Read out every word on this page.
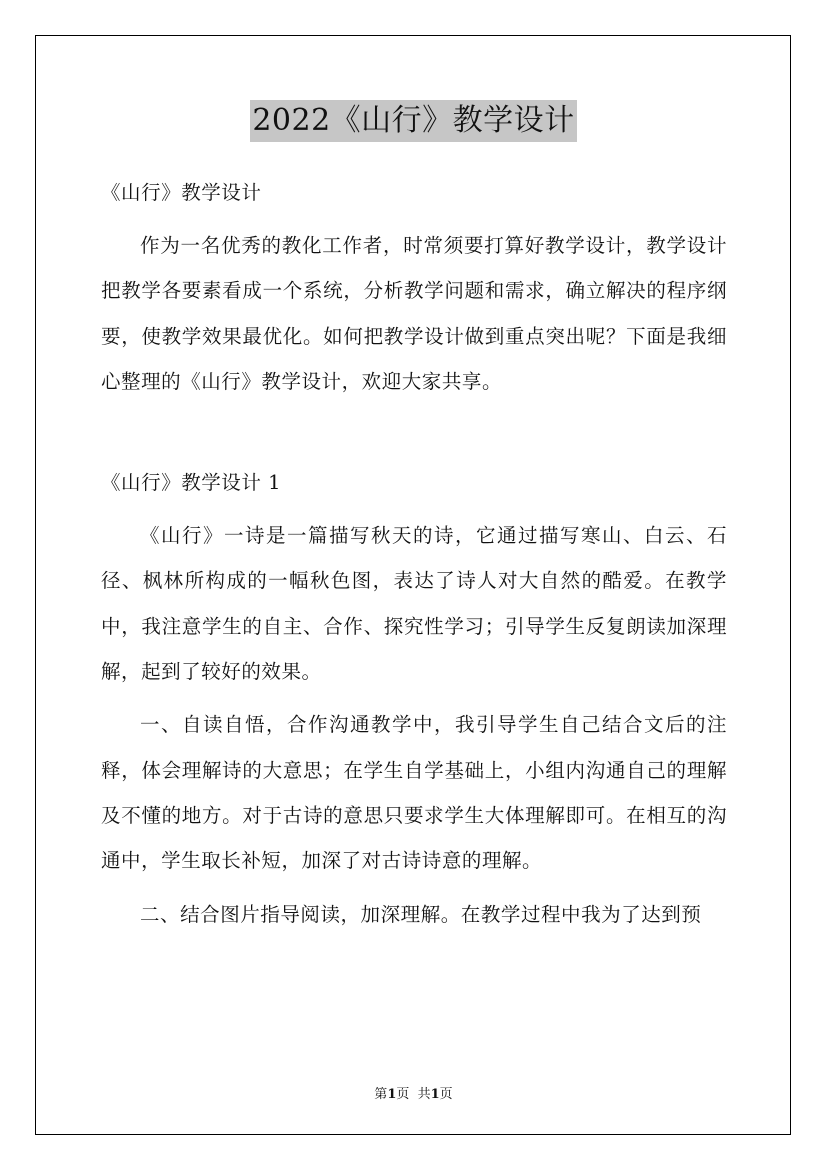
2022《山行》教学设计

《山行》教学设计

作为一名优秀的教化工作者，时常须要打算好教学设计，教学设计把教学各要素看成一个系统，分析教学问题和需求，确立解决的程序纲要，使教学效果最优化。如何把教学设计做到重点突出呢？下面是我细心整理的《山行》教学设计，欢迎大家共享。

《山行》教学设计 1

《山行》一诗是一篇描写秋天的诗，它通过描写寒山、白云、石径、枫林所构成的一幅秋色图，表达了诗人对大自然的酷爱。在教学中，我注意学生的自主、合作、探究性学习；引导学生反复朗读加深理解，起到了较好的效果。

一、自读自悟，合作沟通教学中，我引导学生自己结合文后的注释，体会理解诗的大意思；在学生自学基础上，小组内沟通自己的理解及不懂的地方。对于古诗的意思只要求学生大体理解即可。在相互的沟通中，学生取长补短，加深了对古诗诗意的理解。

二、结合图片指导阅读，加深理解。在教学过程中我为了达到预

第1页  共1页
